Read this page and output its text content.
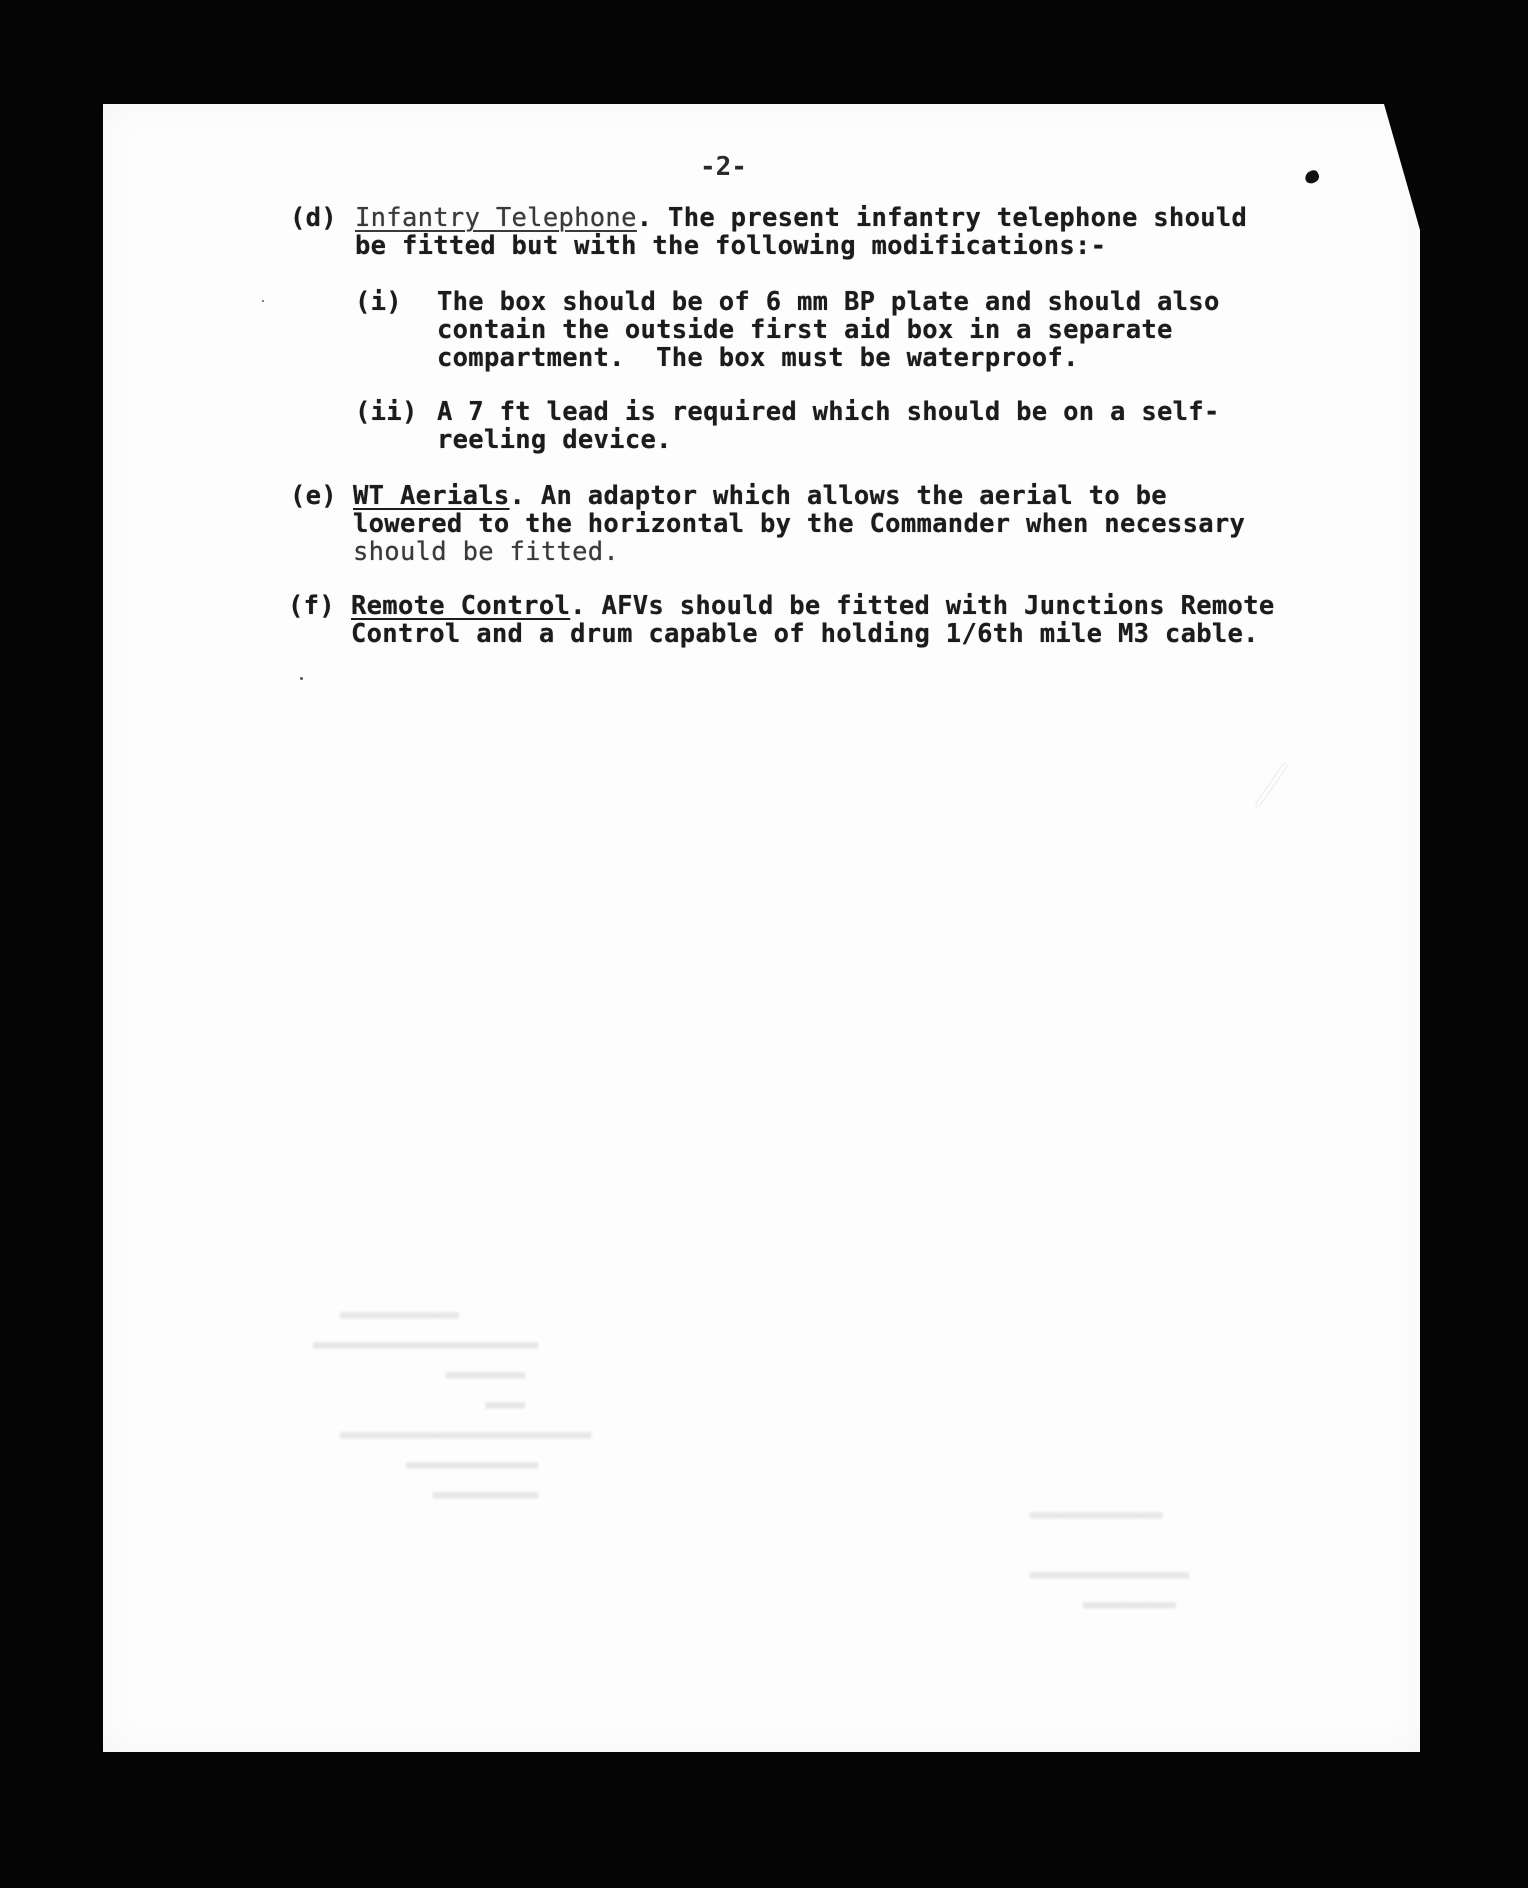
-2-
(d) Infantry Telephone. The present infantry telephone should
be fitted but with the following modifications:-
(i) The box should be of 6 mm BP plate and should also
contain the outside first aid box in a separate
compartment.  The box must be waterproof.
(ii) A 7 ft lead is required which should be on a self-
reeling device.
(e) WT Aerials. An adaptor which allows the aerial to be
lowered to the horizontal by the Commander when necessary
should be fitted.
(f) Remote Control. AFVs should be fitted with Junctions Remote
Control and a drum capable of holding 1/6th mile M3 cable.
▬▬▬▬▬▬▬▬▬
▬▬▬▬▬▬▬▬▬▬▬▬▬▬▬▬▬
▬▬▬▬▬▬
▬▬▬
▬▬▬▬▬▬▬▬▬▬▬▬▬▬▬▬▬▬▬
▬▬▬▬▬▬▬▬▬▬
▬▬▬▬▬▬▬▬
▬▬▬▬▬▬▬▬▬▬

▬▬▬▬▬▬▬▬▬▬▬▬
▬▬▬▬▬▬▬
